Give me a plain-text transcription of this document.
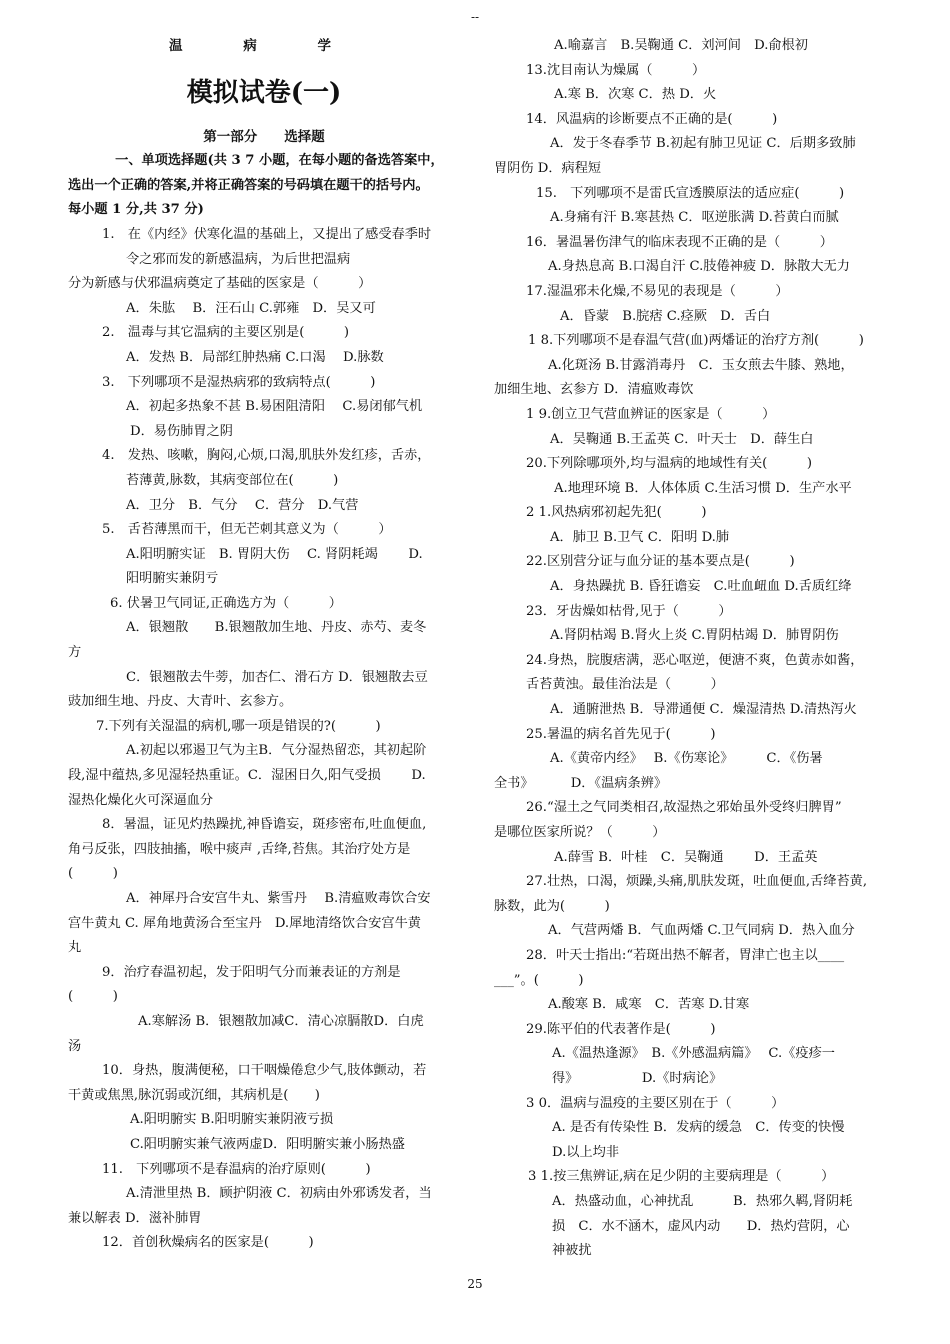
--
温 病 学
模拟试卷(一)
第一部分　　选择题
　一、单项选择题(共 3 7 小题，在每小题的备选答案中，
选出一个正确的答案,并将正确答案的号码填在题干的括号内。
每小题 1 分,共 37 分)
1.　在《内经》伏寒化温的基础上，又提出了感受春季时
令之邪而发的新感温病，为后世把温病
分为新感与伏邪温病奠定了基础的医家是（　　　）
A．朱肱　 B．汪石山 C.郭雍　D．吴又可
2.　温毒与其它温病的主要区别是(　　　)
A．发热 B．局部红肿热痛 C.口渴　 D.脉数
3.　下列哪项不是湿热病邪的致病特点(　　　)
A．初起多热象不甚 B.易困阻清阳　 C.易闭郁气机
D．易伤肺胃之阴
4.　发热、咳嗽，胸闷,心烦,口渴,肌肤外发红疹，舌赤，
苔薄黄,脉数，其病变部位在(　　　)
A．卫分　B．气分　 C．营分　D.气营
5.　舌苔薄黑而干，但无芒刺其意义为（　　　）
A.阳明腑实证　B. 胃阴大伤　 C. 肾阴耗竭　　 D.
阳明腑实兼阴亏
6. 伏暑卫气同证,正确选方为（　　　）
A．银翘散　　B.银翘散加生地、丹皮、赤芍、麦冬
方
C．银翘散去牛蒡，加杏仁、滑石方 D．银翘散去豆
豉加细生地、丹皮、大青叶、玄参方。
7.下列有关湿温的病机,哪一项是错误的?(　　　)
A.初起以邪遏卫气为主B．气分湿热留恋，其初起阶
段,湿中蕴热,多见湿轻热重证。C．湿困日久,阳气受损　　 D.
湿热化燥化火可深逼血分
8．暑温，证见灼热躁扰,神昏谵妄，斑疹密布,吐血便血,
角弓反张，四肢抽搐，喉中痰声 ,舌绛,苔焦。其治疗处方是
(　　　)
A．神犀丹合安宫牛丸、紫雪丹　 B.清瘟败毒饮合安
宫牛黄丸 C. 犀角地黄汤合至宝丹　D.犀地清络饮合安宫牛黄
丸
9．治疗春温初起，发于阳明气分而兼表证的方剂是
(　　　)
A.寒解汤 B．银翘散加减C．清心凉膈散D．白虎
汤
10．身热，腹满便秘，口干咽燥倦怠少气,肢体颤动，若
干黄或焦黑,脉沉弱或沉细，其病机是(　　)
A.阳明腑实 B.阳明腑实兼阴液亏损
C.阳明腑实兼气液两虚D．阳明腑实兼小肠热盛
11.　下列哪项不是春温病的治疗原则(　　　)
A.清泄里热 B．顾护阴液 C．初病由外邪诱发者，当
兼以解表 D．滋补肺胃
12．首创秋燥病名的医家是(　　　)
A.喻嘉言　B.吴鞠通 C．刘河间　D.俞根初
13.沈目南认为燥属（　　　）
A.寒 B．次寒 C．热 D．火
14．风温病的诊断要点不正确的是(　　　)
A．发于冬春季节 B.初起有肺卫见证 C．后期多致肺
胃阴伤 D．病程短
15.　下列哪项不是雷氏宣透膜原法的适应症(　　　)
A.身痛有汗 B.寒甚热 C．呕逆胀满 D.苔黄白而腻
16．暑温暑伤津气的临床表现不正确的是（　　　）
A.身热息高 B.口渴自汗 C.肢倦神疲 D．脉散大无力
17.湿温邪未化燥,不易见的表现是（　　　）
A．昏蒙　B.脘痞 C.痉厥　D．舌白
1 8.下列哪项不是春温气营(血)两燔证的治疗方剂(　　　)
A.化斑汤 B.甘露消毒丹　C．玉女煎去牛膝、熟地，
加细生地、玄参方 D．清瘟败毒饮
1 9.创立卫气营血辨证的医家是（　　　）
A．吴鞠通 B.王孟英 C．叶天士　D．薛生白
20.下列除哪项外,均与温病的地域性有关(　　　)
A.地理环境 B．人体体质 C.生活习惯 D．生产水平
2 1.风热病邪初起先犯(　　　)
A．肺卫 B.卫气 C．阳明 D.肺
22.区别营分证与血分证的基本要点是(　　　)
A．身热躁扰 B. 昏狂谵妄　C.吐血衄血 D.舌质红绛
23．牙齿燥如枯骨,见于（　　　）
A.肾阴枯竭 B.肾火上炎 C.胃阴枯竭 D．肺胃阴伤
24.身热，脘腹痞满，恶心呕逆，便溏不爽，色黄赤如酱，
舌苔黄浊。最佳治法是（　　　）
A．通腑泄热 B．导滞通便 C．燥湿清热 D.清热泻火
25.暑温的病名首先见于(　　　)
A.《黄帝内经》　 B.《伤寒论》　　　C．《伤暑
全书》　　　 D．《温病条辨》
26.“湿土之气同类相召,故湿热之邪始虽外受终归脾胃”
是哪位医家所说？（　　　）
A.薛雪 B．叶桂　C．吴鞠通　　 D．王孟英
27.壮热，口渴，烦躁,头痛,肌肤发斑，吐血便血,舌绛苔黄,
脉数，此为(　　　)
A．气营两燔 B．气血两燔 C.卫气同病 D．热入血分
28．叶天士指出:“若斑出热不解者，胃津亡也主以____
___”。(　　　)
A.酸寒 B．咸寒　C．苦寒 D.甘寒
29.陈平伯的代表著作是(　　　)
A.《温热逢源》　B.《外感温病篇》　 C.《疫疹一
得》　　　　　 D.《时病论》
3 0．温病与温疫的主要区别在于（　　　）
A. 是否有传染性 B．发病的缓急　C．传变的快慢
D.以上均非
3 1.按三焦辨证,病在足少阴的主要病理是（　　　）
A．热盛动血，心神扰乱　　　B．热邪久羁,肾阴耗
损　C．水不涵木，虚风内动　　D．热灼营阴，心
神被扰
25
